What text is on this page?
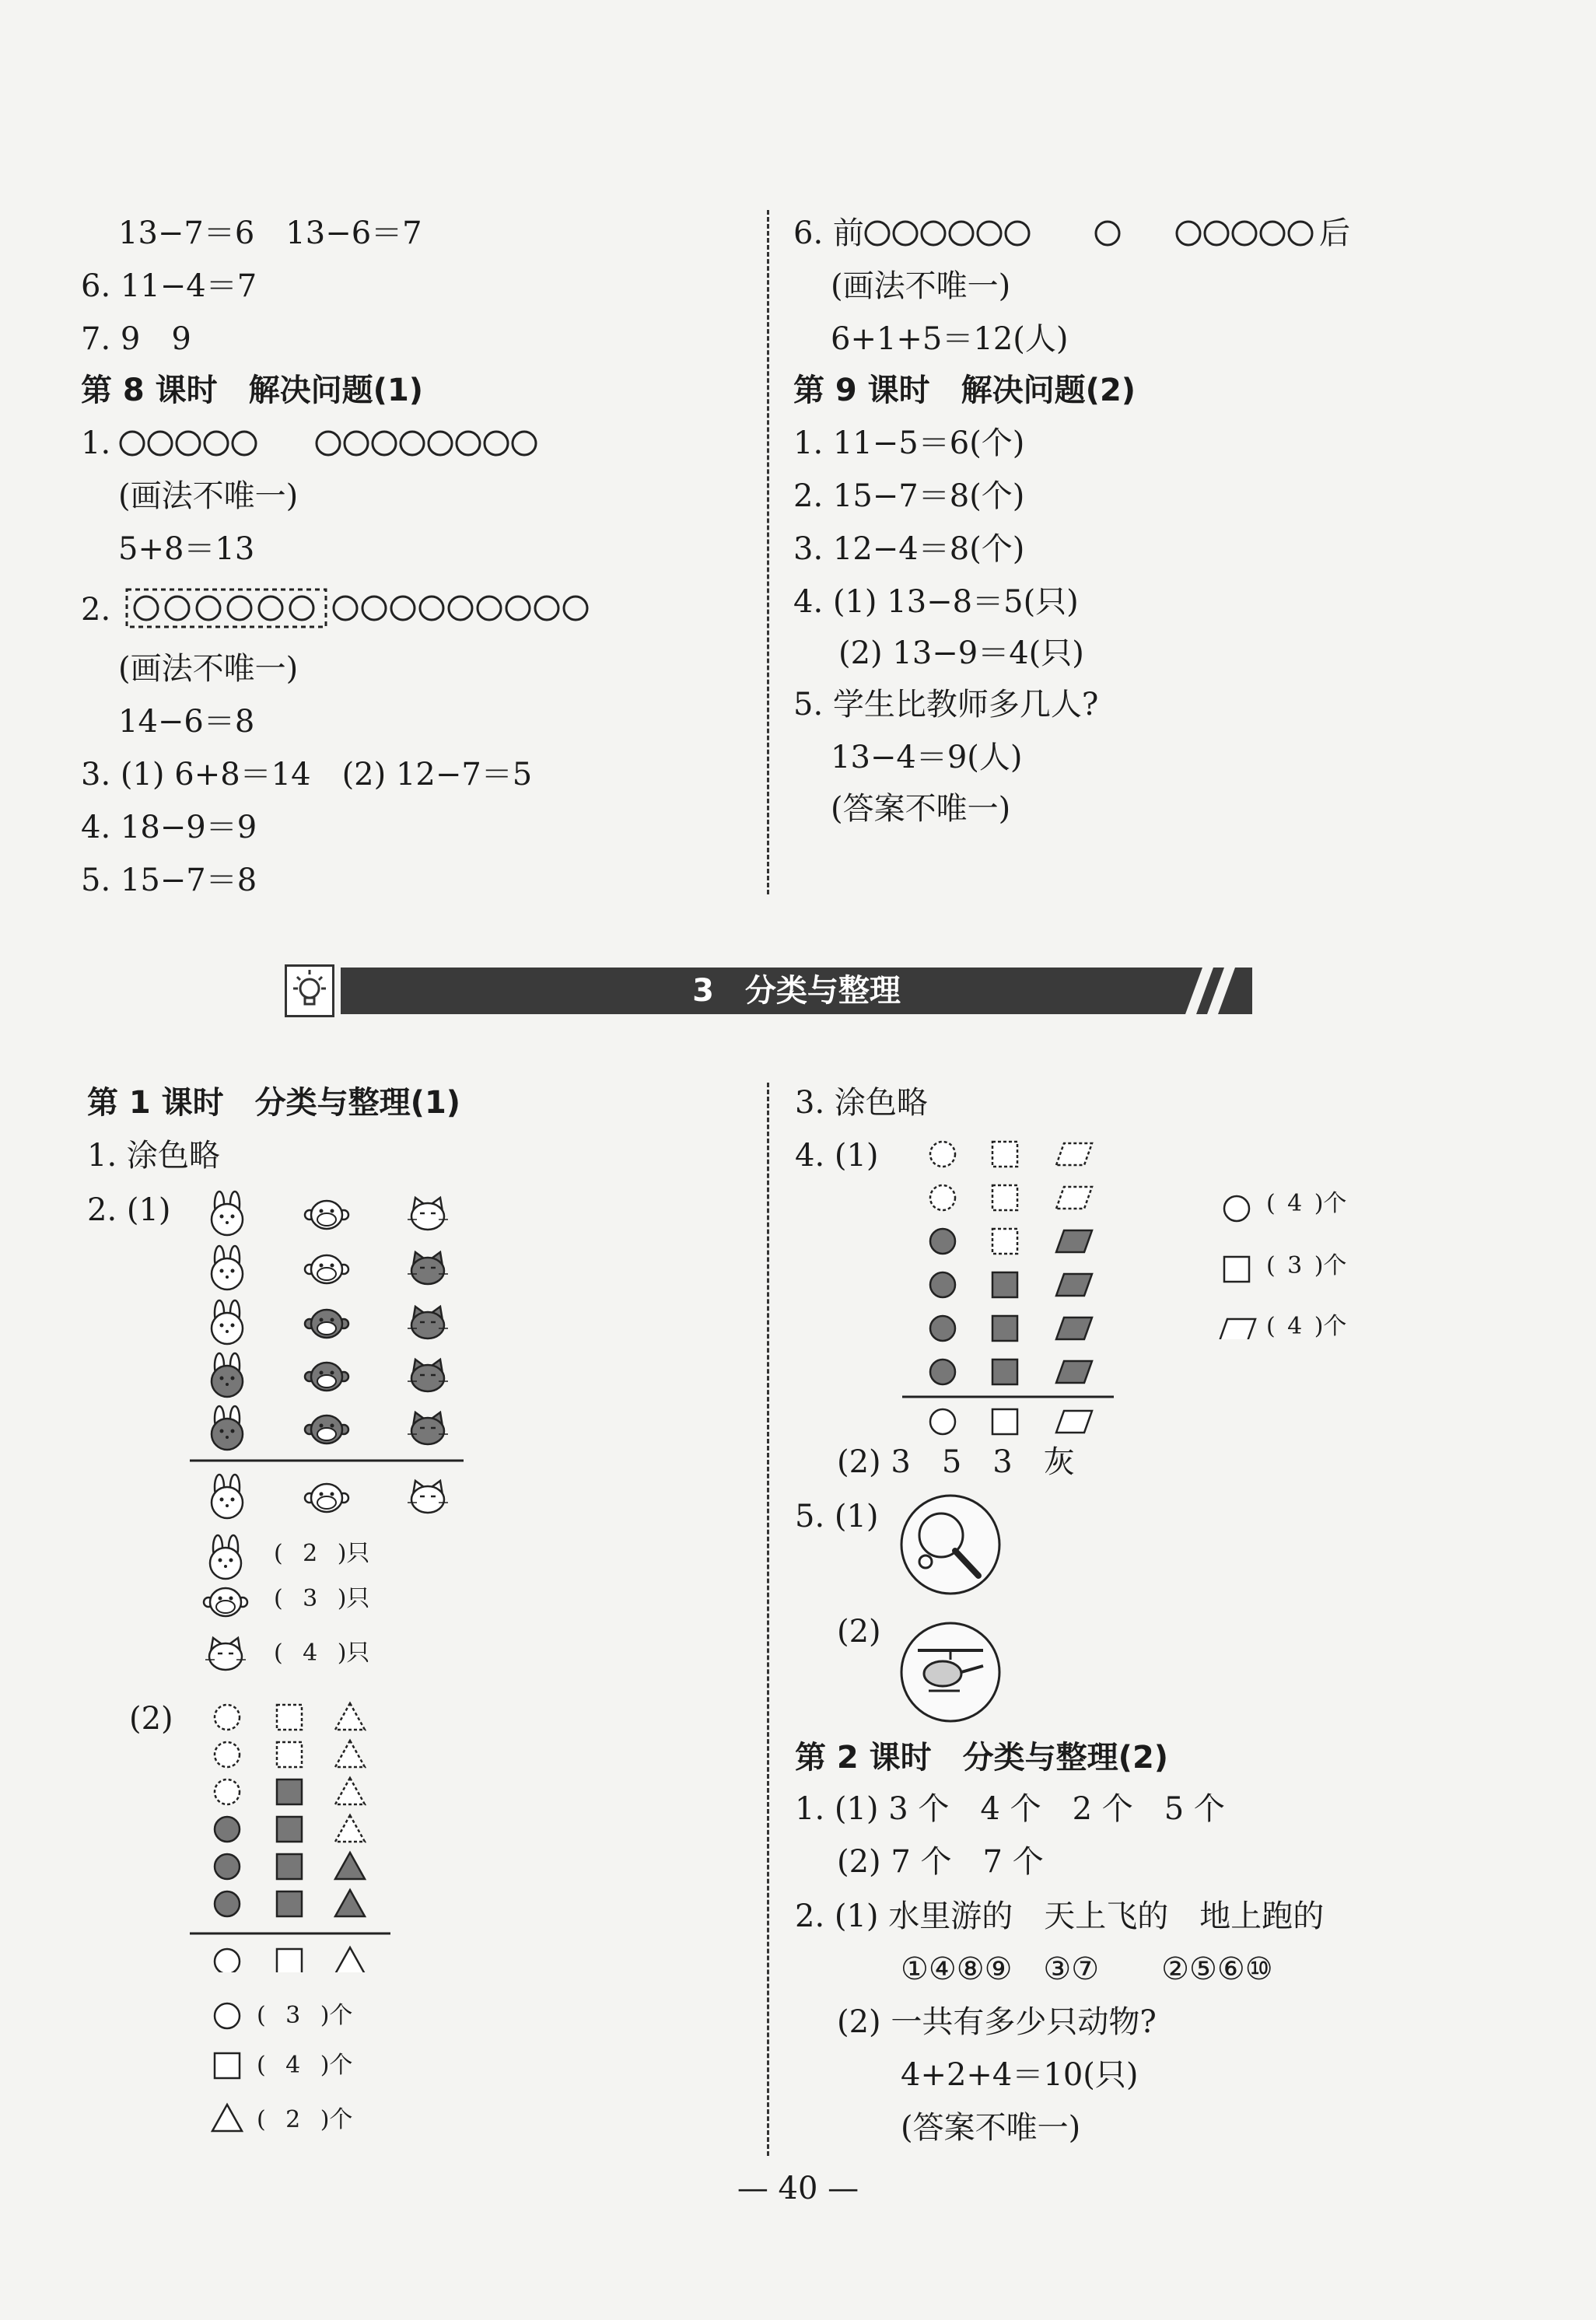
13−7＝6　13−6＝7
6. 11−4＝7
7. 9　9
第 8 课时　解决问题(1)
1.
(画法不唯一)
5+8＝13
2.
(画法不唯一)
14−6＝8
3. (1) 6+8＝14　(2) 12−7＝5
4. 18−9＝9
5. 15−7＝8
6. 前	后
(画法不唯一)
6+1+5＝12(人)
第 9 课时　解决问题(2)
1. 11−5＝6(个)
2. 15−7＝8(个)
3. 12−4＝8(个)
4. (1) 13−8＝5(只)
(2) 13−9＝4(只)
5. 学生比教师多几人?
13−4＝9(人)
(答案不唯一)
3　分类与整理
第 1 课时　分类与整理(1)
1. 涂色略
2. (1)
( 2 )只
( 3 )只
( 4 )只
(2)
( 3 )个
( 4 )个
( 2 )个
3. 涂色略
4. (1)
( 4 )个
( 3 )个
( 4 )个
(2) 3　5　3　灰
5. (1)
(2)
第 2 课时　分类与整理(2)
1. (1) 3 个　4 个　2 个　5 个
(2) 7 个　7 个
2. (1) 水里游的　天上飞的　地上跑的
①④⑧⑨　③⑦　　②⑤⑥⑩
(2) 一共有多少只动物?
4+2+4＝10(只)
(答案不唯一)
— 40 —
